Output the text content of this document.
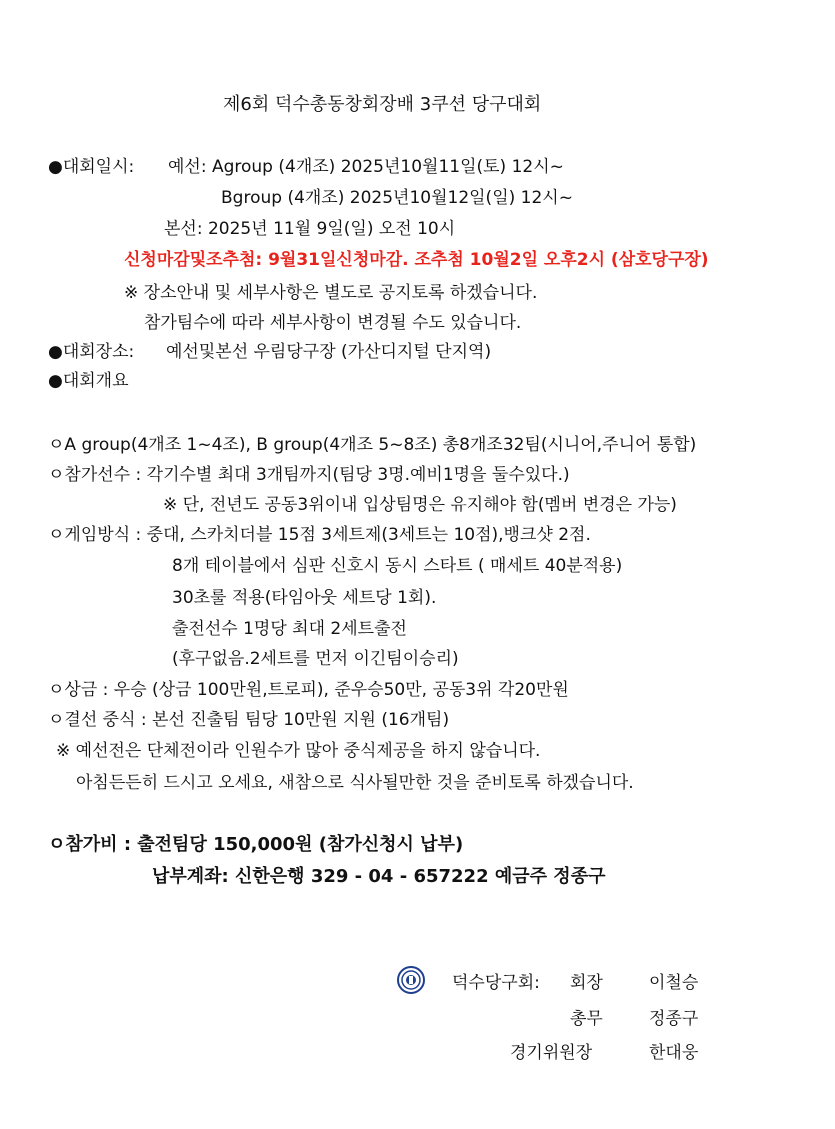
제6회 덕수총동창회장배 3쿠션 당구대회
●대회일시: 예선: Agroup (4개조) 2025년10월11일(토) 12시~
Bgroup (4개조) 2025년10월12일(일) 12시~
본선: 2025년 11월 9일(일) 오전 10시
신청마감및조추첨: 9월31일신청마감. 조추첨 10월2일 오후2시 (삼호당구장)
※ 장소안내 및 세부사항은 별도로 공지토록 하겠습니다.
참가팀수에 따라 세부사항이 변경될 수도 있습니다.
●대회장소: 예선및본선 우림당구장 (가산디지털 단지역)
●대회개요
ㅇA group(4개조 1~4조), B group(4개조 5~8조) 총8개조32팀(시니어,주니어 통합)
ㅇ참가선수 : 각기수별 최대 3개팀까지(팀당 3명.예비1명을 둘수있다.)
※ 단, 전년도 공동3위이내 입상팀명은 유지해야 함(멤버 변경은 가능)
ㅇ게임방식 : 중대, 스카치더블 15점 3세트제(3세트는 10점),뱅크샷 2점.
8개 테이블에서 심판 신호시 동시 스타트 ( 매세트 40분적용)
30초룰 적용(타임아웃 세트당 1회).
출전선수 1명당 최대 2세트출전
(후구없음.2세트를 먼저 이긴팀이승리)
ㅇ상금 : 우승 (상금 100만원,트로피), 준우승50만, 공동3위 각20만원
ㅇ결선 중식 : 본선 진출팀 팀당 10만원 지원 (16개팀)
※ 예선전은 단체전이라 인원수가 많아 중식제공을 하지 않습니다.
아침든든히 드시고 오세요, 새참으로 식사될만한 것을 준비토록 하겠습니다.
ㅇ참가비 : 출전팀당 150,000원 (참가신청시 납부)
납부계좌: 신한은행 329 - 04 - 657222 예금주 정종구
덕수당구회: 회장	이철승
총무	정종구
경기위원장	한대웅
